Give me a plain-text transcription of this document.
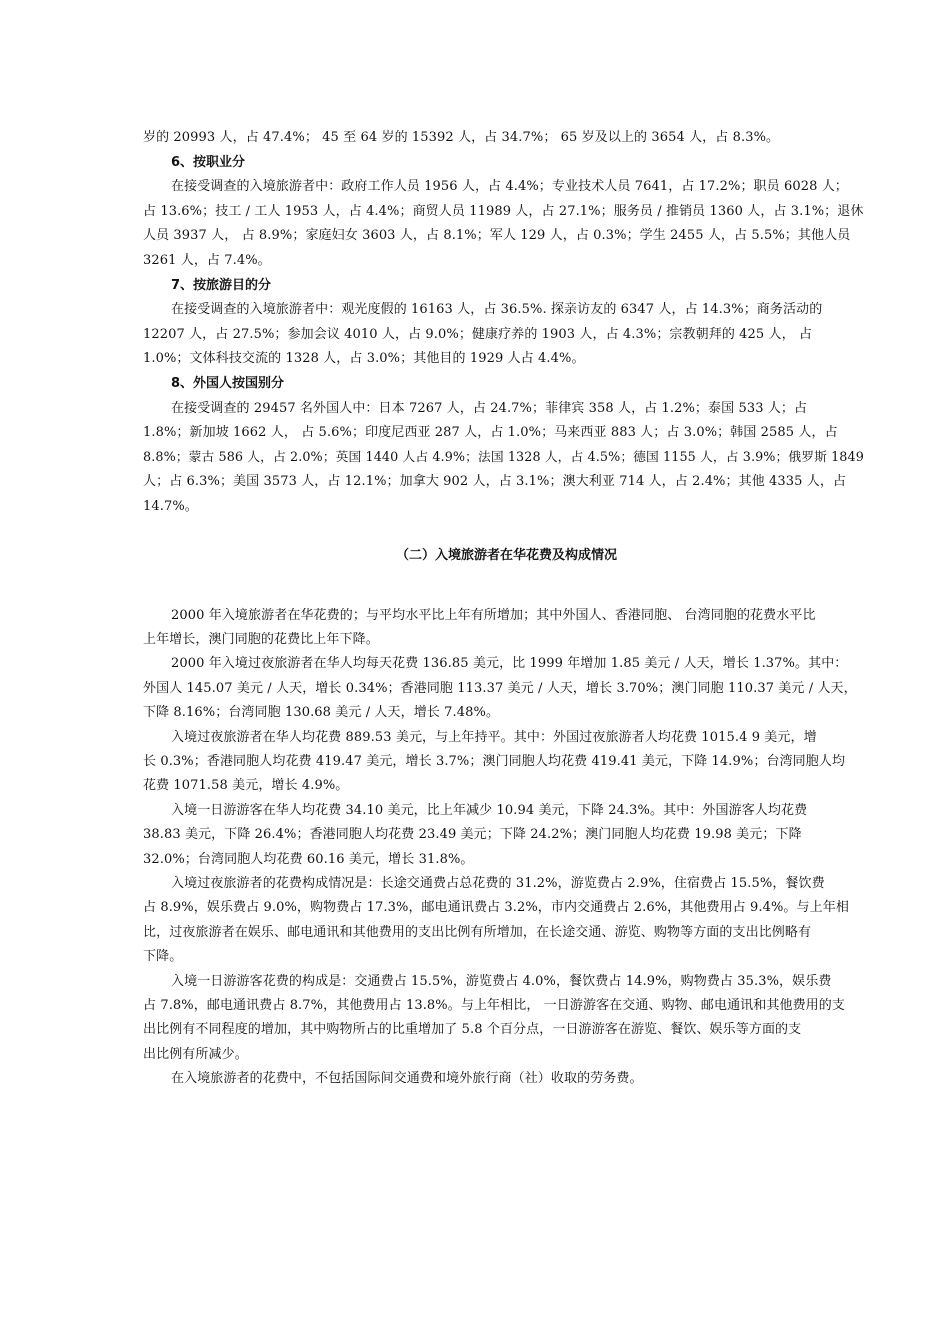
岁的 20993 人，占 47.4%； 45 至 64 岁的 15392 人，占 34.7%； 65 岁及以上的 3654 人，占 8.3%。
6、按职业分
在接受调查的入境旅游者中：政府工作人员 1956 人，占 4.4%；专业技术人员 7641，占 17.2%；职员 6028 人；
占 13.6%；技工 / 工人 1953 人，占 4.4%；商贸人员 11989 人，占 27.1%；服务员 / 推销员 1360 人，占 3.1%；退休
人员 3937 人， 占 8.9%；家庭妇女 3603 人，占 8.1%；军人 129 人，占 0.3%；学生 2455 人，占 5.5%；其他人员
3261 人，占 7.4%。
7、按旅游目的分
在接受调查的入境旅游者中：观光度假的 16163 人，占 36.5%. 探亲访友的 6347 人，占 14.3%；商务活动的
12207 人，占 27.5%；参加会议 4010 人，占 9.0%；健康疗养的 1903 人，占 4.3%；宗教朝拜的 425 人， 占
1.0%；文体科技交流的 1328 人，占 3.0%；其他目的 1929 人占 4.4%。
8、外国人按国别分
在接受调查的 29457 名外国人中：日本 7267 人，占 24.7%；菲律宾 358 人，占 1.2%；泰国 533 人；占
1.8%；新加坡 1662 人， 占 5.6%；印度尼西亚 287 人，占 1.0%；马来西亚 883 人；占 3.0%；韩国 2585 人，占
8.8%；蒙古 586 人，占 2.0%；英国 1440 人占 4.9%；法国 1328 人，占 4.5%；德国 1155 人，占 3.9%；俄罗斯 1849
人；占 6.3%；美国 3573 人，占 12.1%；加拿大 902 人，占 3.1%；澳大利亚 714 人，占 2.4%；其他 4335 人，占
14.7%。
（二）入境旅游者在华花费及构成情况
2000 年入境旅游者在华花费的；与平均水平比上年有所增加；其中外国人、香港同胞、 台湾同胞的花费水平比
上年增长，澳门同胞的花费比上年下降。
2000 年入境过夜旅游者在华人均每天花费 136.85 美元，比 1999 年增加 1.85 美元 / 人天，增长 1.37%。其中：
外国人 145.07 美元 / 人天，增长 0.34%；香港同胞 113.37 美元 / 人天，增长 3.70%；澳门同胞 110.37 美元 / 人天，
下降 8.16%；台湾同胞 130.68 美元 / 人天，增长 7.48%。
入境过夜旅游者在华人均花费 889.53 美元，与上年持平。其中：外国过夜旅游者人均花费 1015.4 9 美元，增
长 0.3%；香港同胞人均花费 419.47 美元，增长 3.7%；澳门同胞人均花费 419.41 美元，下降 14.9%；台湾同胞人均
花费 1071.58 美元，增长 4.9%。
入境一日游游客在华人均花费 34.10 美元，比上年减少 10.94 美元，下降 24.3%。其中：外国游客人均花费
38.83 美元，下降 26.4%；香港同胞人均花费 23.49 美元；下降 24.2%；澳门同胞人均花费 19.98 美元；下降
32.0%；台湾同胞人均花费 60.16 美元，增长 31.8%。
入境过夜旅游者的花费构成情况是：长途交通费占总花费的 31.2%，游览费占 2.9%，住宿费占 15.5%，餐饮费
占 8.9%，娱乐费占 9.0%，购物费占 17.3%，邮电通讯费占 3.2%，市内交通费占 2.6%，其他费用占 9.4%。与上年相
比，过夜旅游者在娱乐、邮电通讯和其他费用的支出比例有所增加，在长途交通、游览、购物等方面的支出比例略有
下降。
入境一日游游客花费的构成是：交通费占 15.5%，游览费占 4.0%，餐饮费占 14.9%，购物费占 35.3%，娱乐费
占 7.8%，邮电通讯费占 8.7%，其他费用占 13.8%。与上年相比， 一日游游客在交通、购物、邮电通讯和其他费用的支
出比例有不同程度的增加，其中购物所占的比重增加了 5.8 个百分点，一日游游客在游览、餐饮、娱乐等方面的支
出比例有所减少。
在入境旅游者的花费中，不包括国际间交通费和境外旅行商（社）收取的劳务费。
